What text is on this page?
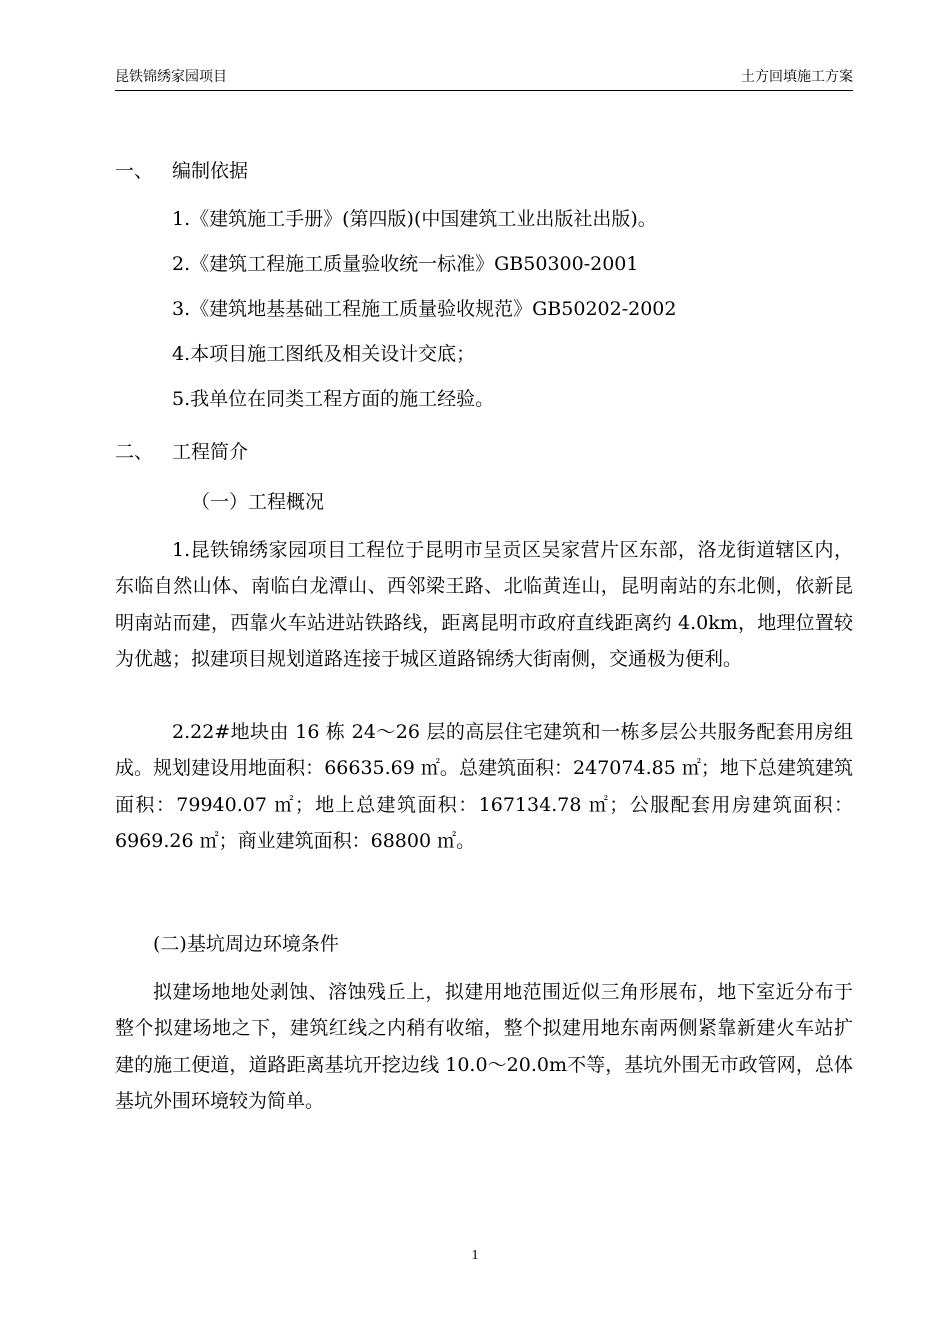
昆铁锦绣家园项目	土方回填施工方案
一、 编制依据
1.《建筑施工手册》(第四版)(中国建筑工业出版社出版)。
2.《建筑工程施工质量验收统一标准》GB50300-2001
3.《建筑地基基础工程施工质量验收规范》GB50202-2002
4.本项目施工图纸及相关设计交底；
5.我单位在同类工程方面的施工经验。
二、 工程简介
（一）工程概况
1.昆铁锦绣家园项目工程位于昆明市呈贡区吴家营片区东部，洛龙街道辖区内，东临自然山体、南临白龙潭山、西邻梁王路、北临黄连山，昆明南站的东北侧，依新昆明南站而建，西靠火车站进站铁路线，距离昆明市政府直线距离约 4.0km，地理位置较为优越；拟建项目规划道路连接于城区道路锦绣大街南侧，交通极为便利。
2.22#地块由 16 栋 24～26 层的高层住宅建筑和一栋多层公共服务配套用房组成。规划建设用地面积：66635.69 ㎡。总建筑面积：247074.85 ㎡；地下总建筑建筑面积：79940.07 ㎡；地上总建筑面积：167134.78 ㎡；公服配套用房建筑面积：6969.26 ㎡；商业建筑面积：68800 ㎡。
(二)基坑周边环境条件
拟建场地地处剥蚀、溶蚀残丘上，拟建用地范围近似三角形展布，地下室近分布于整个拟建场地之下，建筑红线之内稍有收缩，整个拟建用地东南两侧紧靠新建火车站扩建的施工便道，道路距离基坑开挖边线 10.0～20.0m不等，基坑外围无市政管网，总体基坑外围环境较为简单。
1
